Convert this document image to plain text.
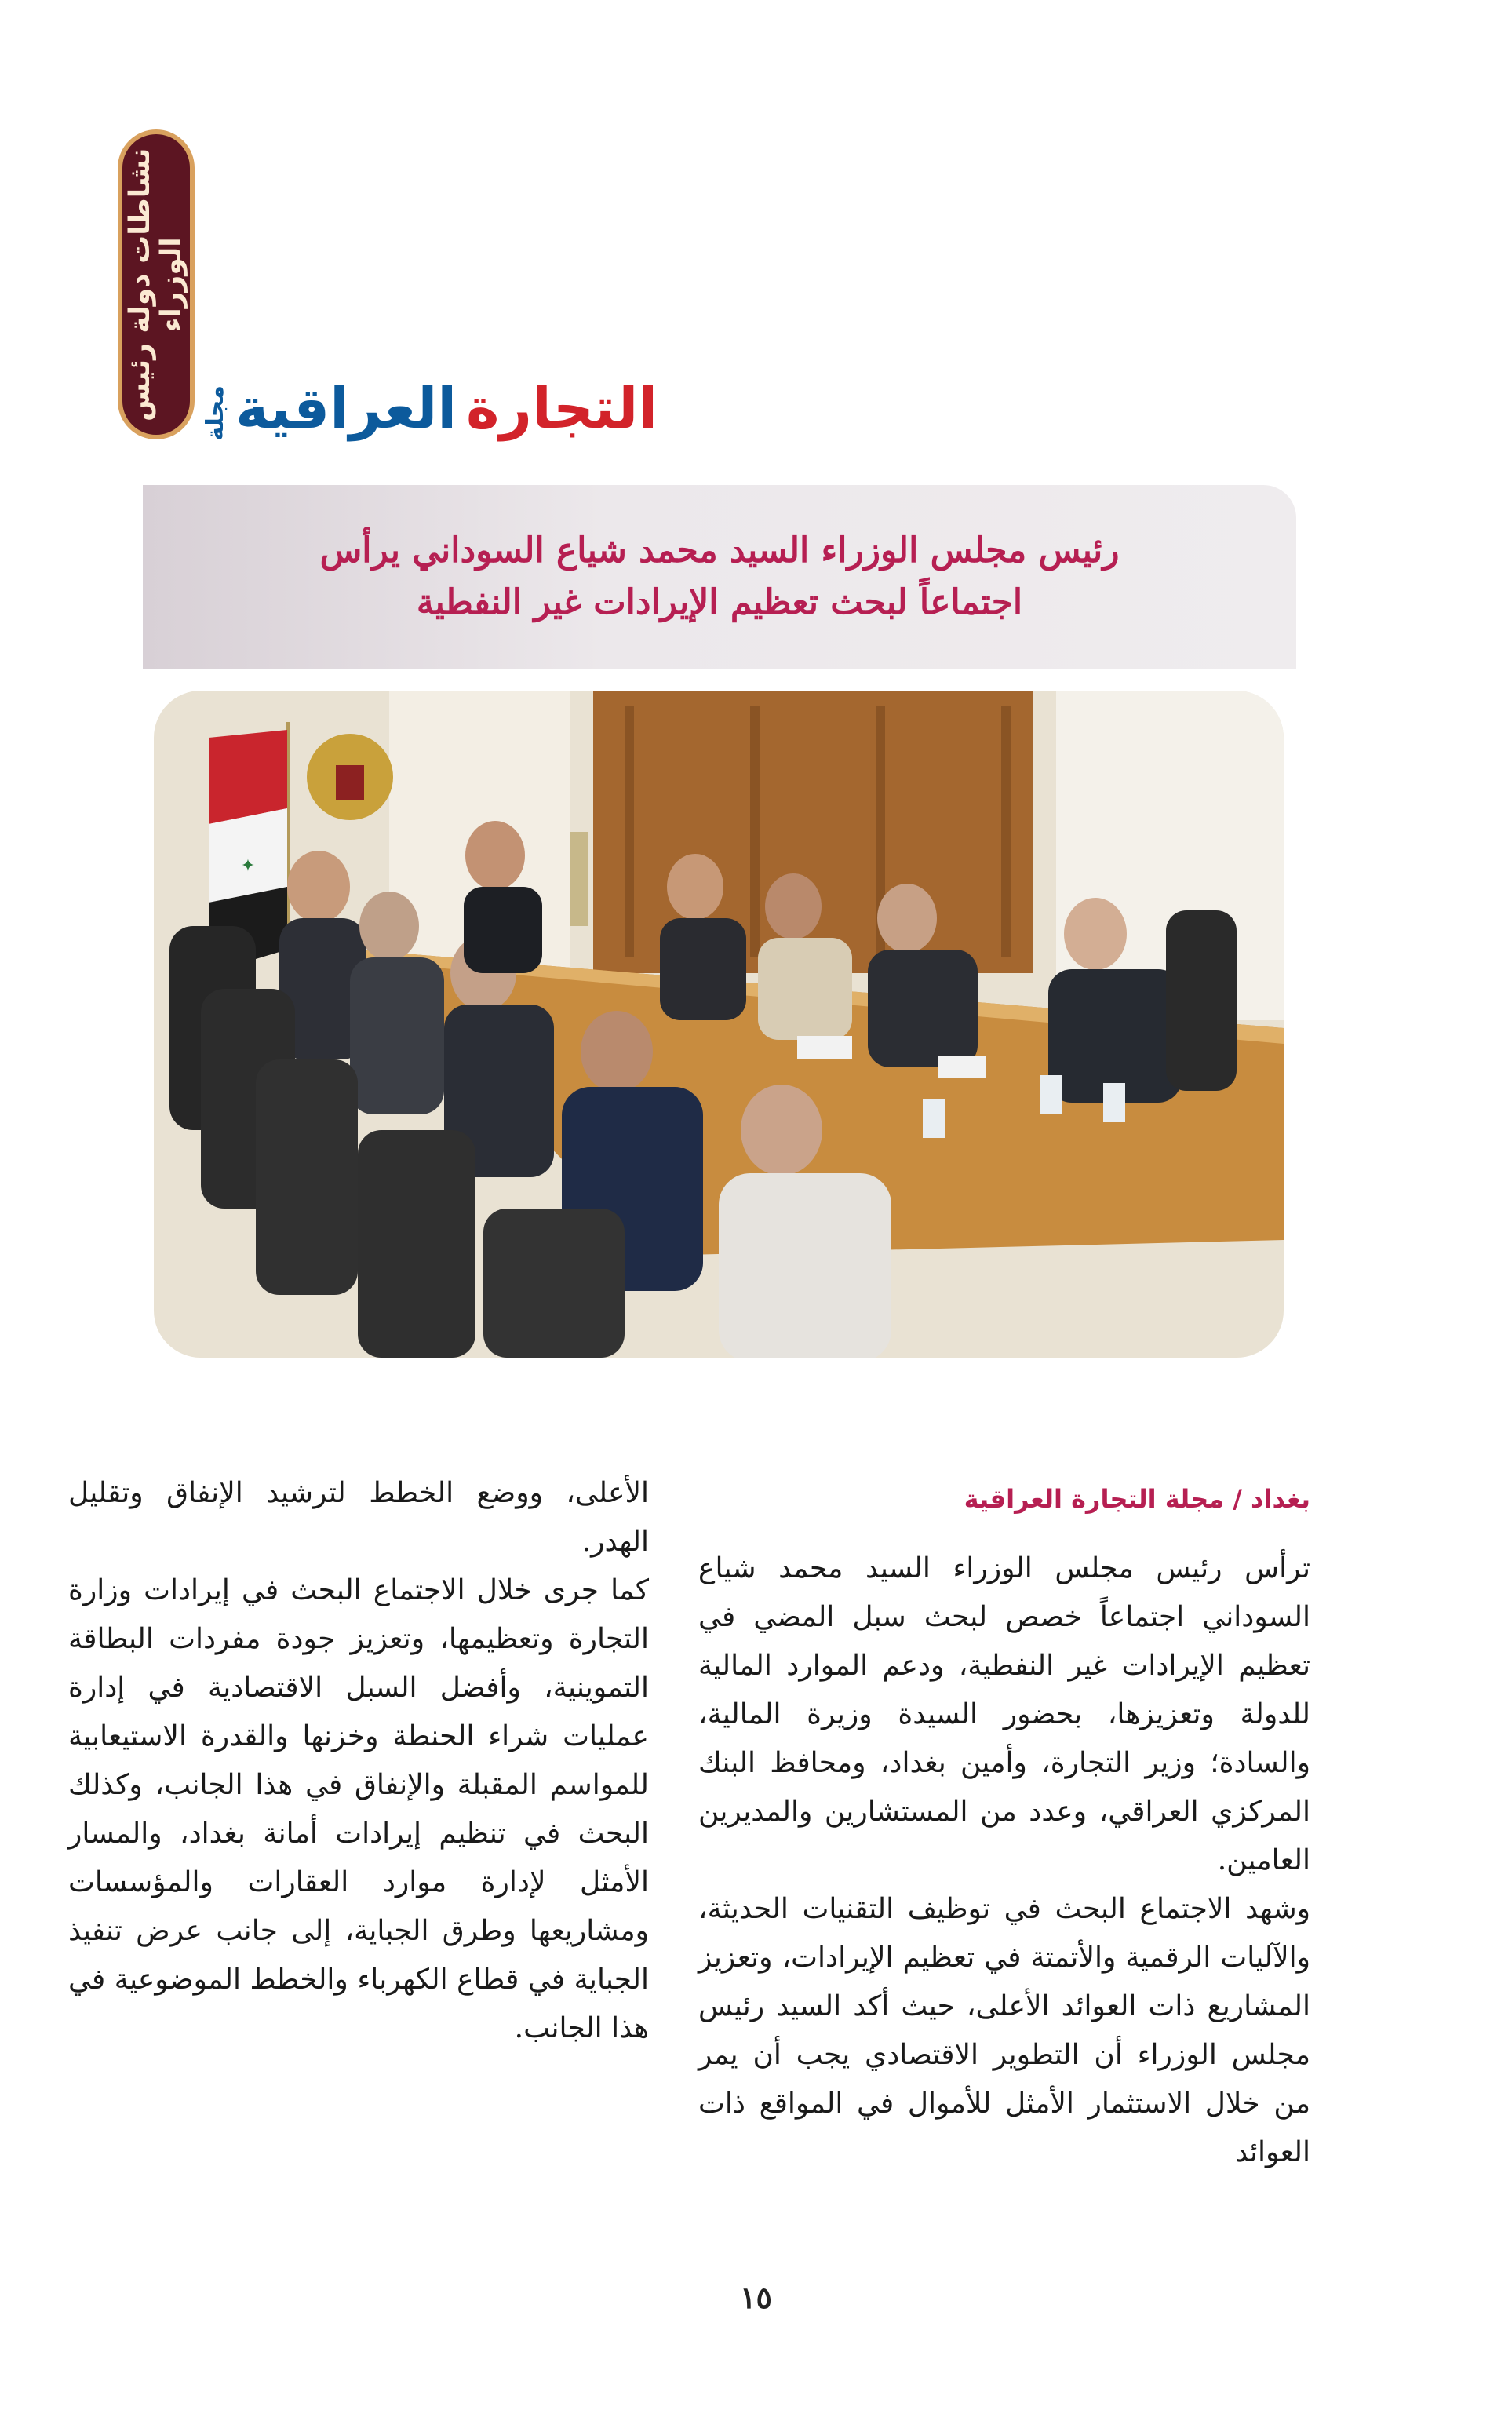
نشاطات دولة رئيس الوزراء
التجارة
العراقية
مجلة
رئيس مجلس الوزراء السيد محمد شياع السوداني يرأس
اجتماعاً لبحث تعظيم الإيرادات غير النفطية
✦
بغداد / مجلة التجارة العراقية

ترأس رئيس مجلس الوزراء السيد محمد شياع السوداني اجتماعاً خصص لبحث سبل المضي في تعظيم الإيرادات غير النفطية، ودعم الموارد المالية للدولة وتعزيزها، بحضور السيدة وزيرة المالية، والسادة؛ وزير التجارة، وأمين بغداد، ومحافظ البنك المركزي العراقي، وعدد من المستشارين والمديرين العامين.

وشهد الاجتماع البحث في توظيف التقنيات الحديثة، والآليات الرقمية والأتمتة في تعظيم الإيرادات، وتعزيز المشاريع ذات العوائد الأعلى، حيث أكد السيد رئيس مجلس الوزراء أن التطوير الاقتصادي يجب أن يمر من خلال الاستثمار الأمثل للأموال في المواقع ذات العوائد

الأعلى، ووضع الخطط لترشيد الإنفاق وتقليل الهدر.

كما جرى خلال الاجتماع البحث في إيرادات وزارة التجارة وتعظيمها، وتعزيز جودة مفردات البطاقة التموينية، وأفضل السبل الاقتصادية في إدارة عمليات شراء الحنطة وخزنها والقدرة الاستيعابية للمواسم المقبلة والإنفاق في هذا الجانب، وكذلك البحث في تنظيم إيرادات أمانة بغداد، والمسار الأمثل لإدارة موارد العقارات والمؤسسات ومشاريعها وطرق الجباية، إلى جانب عرض تنفيذ الجباية في قطاع الكهرباء والخطط الموضوعية في هذا الجانب.

١٥
